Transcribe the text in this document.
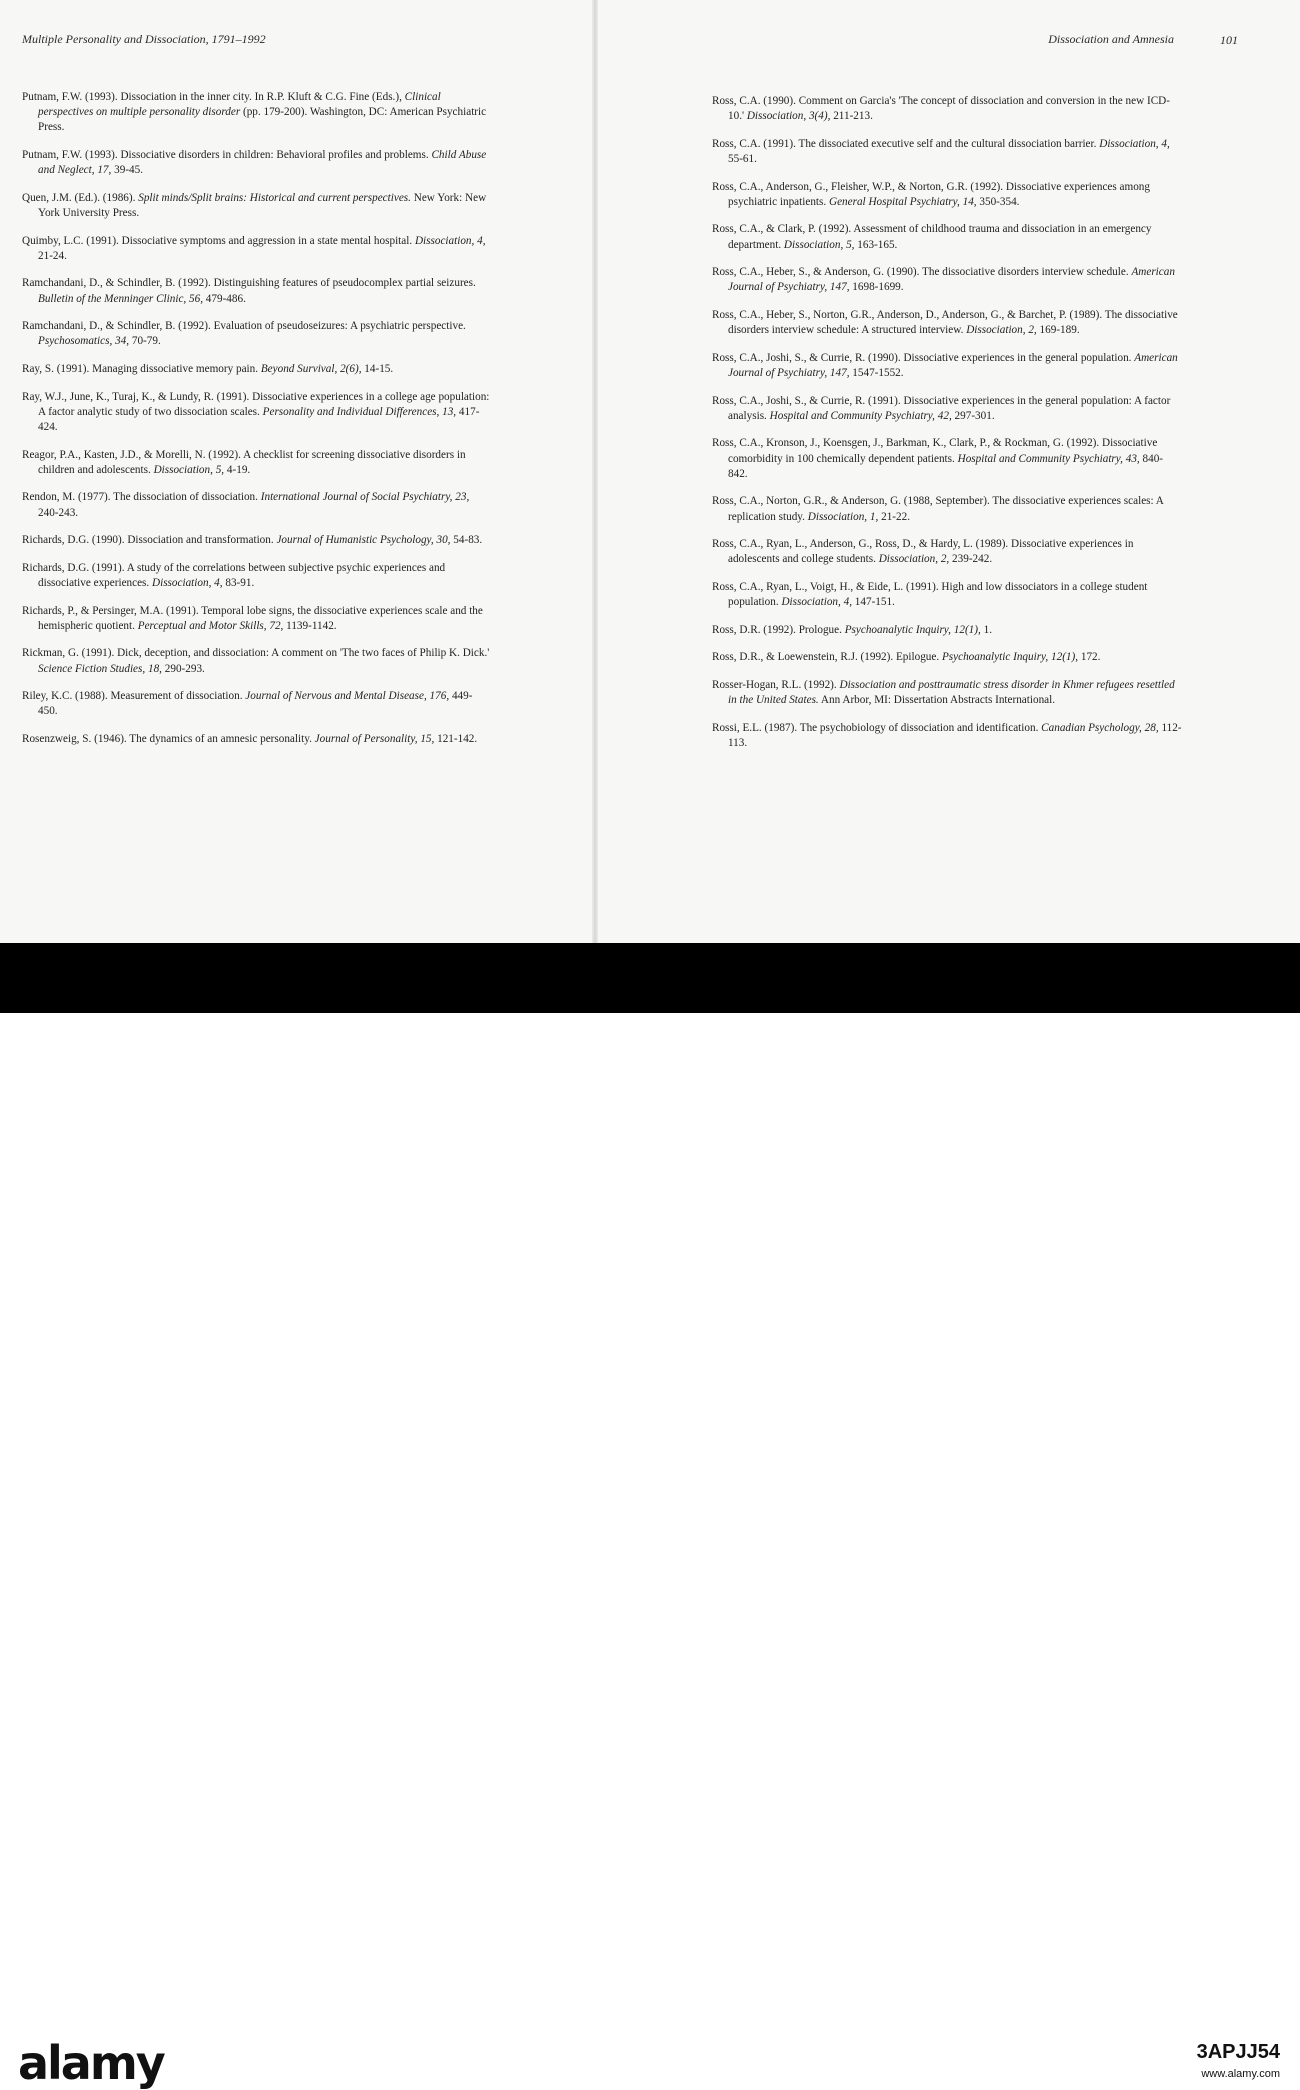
Multiple Personality and Dissociation, 1791–1992
Putnam, F.W. (1993). Dissociation in the inner city. In R.P. Kluft & C.G. Fine (Eds.), Clinical perspectives on multiple personality disorder (pp. 179-200). Washington, DC: American Psychiatric Press.
Putnam, F.W. (1993). Dissociative disorders in children: Behavioral profiles and problems. Child Abuse and Neglect, 17, 39-45.
Quen, J.M. (Ed.). (1986). Split minds/Split brains: Historical and current perspectives. New York: New York University Press.
Quimby, L.C. (1991). Dissociative symptoms and aggression in a state mental hospital. Dissociation, 4, 21-24.
Ramchandani, D., & Schindler, B. (1992). Distinguishing features of pseudocomplex partial seizures. Bulletin of the Menninger Clinic, 56, 479-486.
Ramchandani, D., & Schindler, B. (1992). Evaluation of pseudoseizures: A psychiatric perspective. Psychosomatics, 34, 70-79.
Ray, S. (1991). Managing dissociative memory pain. Beyond Survival, 2(6), 14-15.
Ray, W.J., June, K., Turaj, K., & Lundy, R. (1991). Dissociative experiences in a college age population: A factor analytic study of two dissociation scales. Personality and Individual Differences, 13, 417-424.
Reagor, P.A., Kasten, J.D., & Morelli, N. (1992). A checklist for screening dissociative disorders in children and adolescents. Dissociation, 5, 4-19.
Rendon, M. (1977). The dissociation of dissociation. International Journal of Social Psychiatry, 23, 240-243.
Richards, D.G. (1990). Dissociation and transformation. Journal of Humanistic Psychology, 30, 54-83.
Richards, D.G. (1991). A study of the correlations between subjective psychic experiences and dissociative experiences. Dissociation, 4, 83-91.
Richards, P., & Persinger, M.A. (1991). Temporal lobe signs, the dissociative experiences scale and the hemispheric quotient. Perceptual and Motor Skills, 72, 1139-1142.
Rickman, G. (1991). Dick, deception, and dissociation: A comment on 'The two faces of Philip K. Dick.' Science Fiction Studies, 18, 290-293.
Riley, K.C. (1988). Measurement of dissociation. Journal of Nervous and Mental Disease, 176, 449-450.
Rosenzweig, S. (1946). The dynamics of an amnesic personality. Journal of Personality, 15, 121-142.
Dissociation and Amnesia	101
Ross, C.A. (1990). Comment on Garcia's 'The concept of dissociation and conversion in the new ICD-10.' Dissociation, 3(4), 211-213.
Ross, C.A. (1991). The dissociated executive self and the cultural dissociation barrier. Dissociation, 4, 55-61.
Ross, C.A., Anderson, G., Fleisher, W.P., & Norton, G.R. (1992). Dissociative experiences among psychiatric inpatients. General Hospital Psychiatry, 14, 350-354.
Ross, C.A., & Clark, P. (1992). Assessment of childhood trauma and dissociation in an emergency department. Dissociation, 5, 163-165.
Ross, C.A., Heber, S., & Anderson, G. (1990). The dissociative disorders interview schedule. American Journal of Psychiatry, 147, 1698-1699.
Ross, C.A., Heber, S., Norton, G.R., Anderson, D., Anderson, G., & Barchet, P. (1989). The dissociative disorders interview schedule: A structured interview. Dissociation, 2, 169-189.
Ross, C.A., Joshi, S., & Currie, R. (1990). Dissociative experiences in the general population. American Journal of Psychiatry, 147, 1547-1552.
Ross, C.A., Joshi, S., & Currie, R. (1991). Dissociative experiences in the general population: A factor analysis. Hospital and Community Psychiatry, 42, 297-301.
Ross, C.A., Kronson, J., Koensgen, J., Barkman, K., Clark, P., & Rockman, G. (1992). Dissociative comorbidity in 100 chemically dependent patients. Hospital and Community Psychiatry, 43, 840-842.
Ross, C.A., Norton, G.R., & Anderson, G. (1988, September). The dissociative experiences scales: A replication study. Dissociation, 1, 21-22.
Ross, C.A., Ryan, L., Anderson, G., Ross, D., & Hardy, L. (1989). Dissociative experiences in adolescents and college students. Dissociation, 2, 239-242.
Ross, C.A., Ryan, L., Voigt, H., & Eide, L. (1991). High and low dissociators in a college student population. Dissociation, 4, 147-151.
Ross, D.R. (1992). Prologue. Psychoanalytic Inquiry, 12(1), 1.
Ross, D.R., & Loewenstein, R.J. (1992). Epilogue. Psychoanalytic Inquiry, 12(1), 172.
Rosser-Hogan, R.L. (1992). Dissociation and posttraumatic stress disorder in Khmer refugees resettled in the United States. Ann Arbor, MI: Dissertation Abstracts International.
Rossi, E.L. (1987). The psychobiology of dissociation and identification. Canadian Psychology, 28, 112-113.
alamy	3APJJ54
www.alamy.com
